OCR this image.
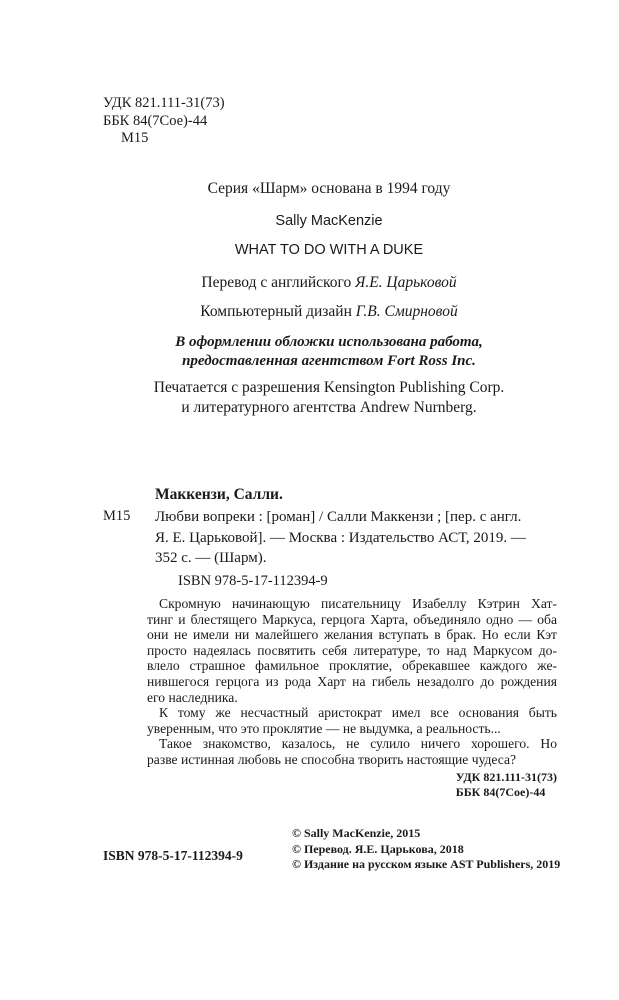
УДК 821.111-31(73)
ББК 84(7Сое)-44
М15
Серия «Шарм» основана в 1994 году
Sally MacKenzie
WHAT TO DO WITH A DUKE
Перевод с английского Я.Е. Царьковой
Компьютерный дизайн Г.В. Смирновой
В оформлении обложки использована работа,
предоставленная агентством Fort Ross Inc.
Печатается с разрешения Kensington Publishing Corp.
и литературного агентства Andrew Nurnberg.
Маккензи, Салли.
М15 Любви вопреки : [роман] / Салли Маккензи ; [пер. с англ.
Я. Е. Царьковой]. — Москва : Издательство АСТ, 2019. —
352 с. — (Шарм).
ISBN 978-5-17-112394-9
Скромную начинающую писательницу Изабеллу Кэтрин Хат-
тинг и блестящего Маркуса, герцога Харта, объединяло одно — оба
они не имели ни малейшего желания вступать в брак. Но если Кэт
просто надеялась посвятить себя литературе, то над Маркусом до-
влело страшное фамильное проклятие, обрекавшее каждого же-
нившегося герцога из рода Харт на гибель незадолго до рождения
его наследника.
К тому же несчастный аристократ имел все основания быть
уверенным, что это проклятие — не выдумка, а реальность...
Такое знакомство, казалось, не сулило ничего хорошего. Но
разве истинная любовь не способна творить настоящие чудеса?
УДК 821.111-31(73)
ББК 84(7Сое)-44
ISBN 978-5-17-112394-9
© Sally MacKenzie, 2015
© Перевод. Я.Е. Царькова, 2018
© Издание на русском языке AST Publishers, 2019
